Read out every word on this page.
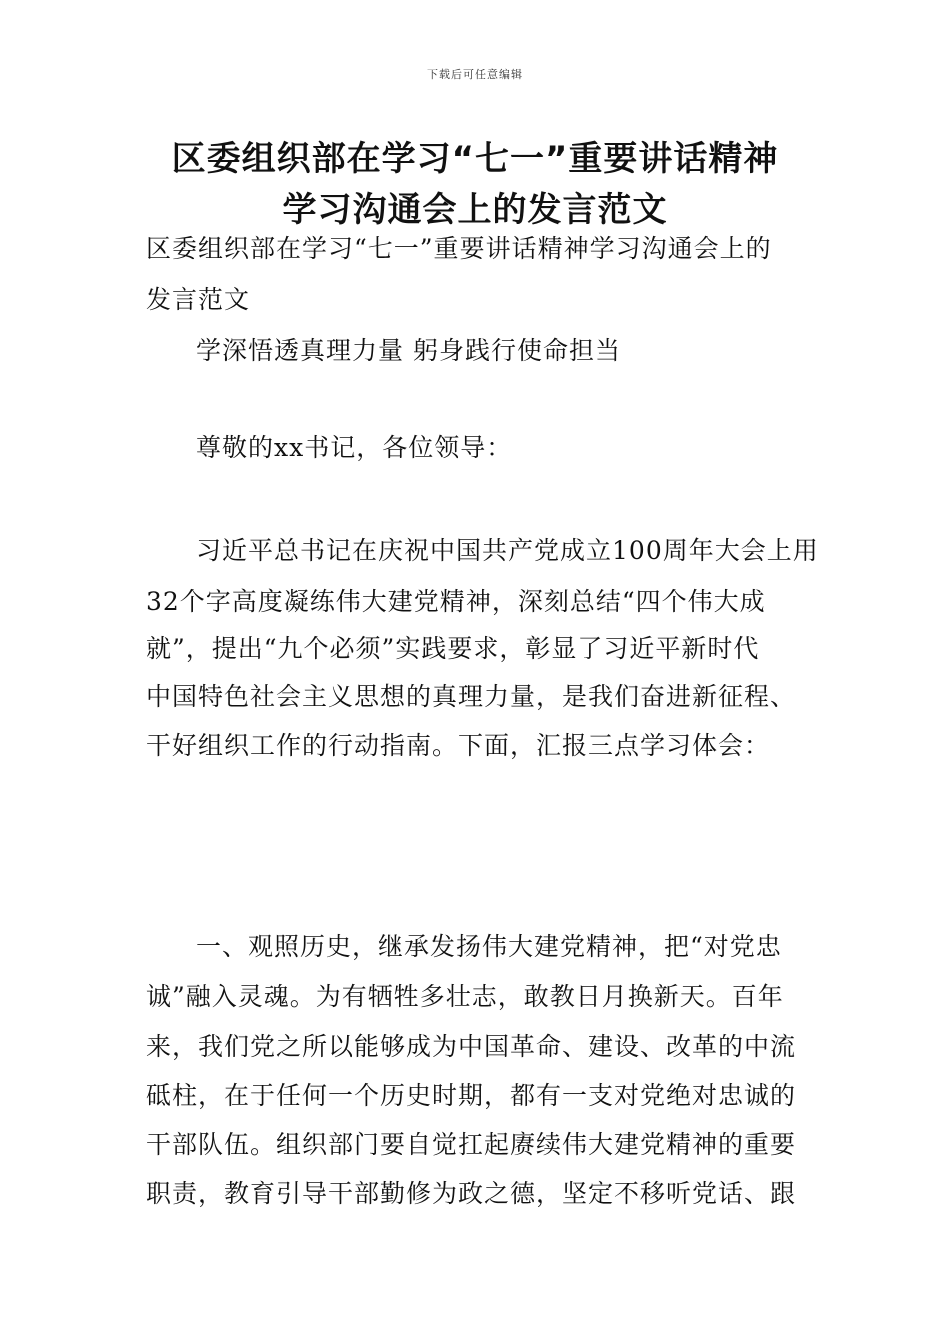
下载后可任意编辑
区委组织部在学习“七一”重要讲话精神
学习沟通会上的发言范文
区委组织部在学习“七一”重要讲话精神学习沟通会上的
发言范文
学深悟透真理力量 躬身践行使命担当
尊敬的xx书记，各位领导：
习近平总书记在庆祝中国共产党成立100周年大会上用
32个字高度凝练伟大建党精神，深刻总结“四个伟大成
就”，提出“九个必须”实践要求，彰显了习近平新时代
中国特色社会主义思想的真理力量，是我们奋进新征程、
干好组织工作的行动指南。下面，汇报三点学习体会：
一、观照历史，继承发扬伟大建党精神，把“对党忠
诚”融入灵魂。为有牺牲多壮志，敢教日月换新天。百年
来，我们党之所以能够成为中国革命、建设、改革的中流
砥柱，在于任何一个历史时期，都有一支对党绝对忠诚的
干部队伍。组织部门要自觉扛起赓续伟大建党精神的重要
职责，教育引导干部勤修为政之德，坚定不移听党话、跟
